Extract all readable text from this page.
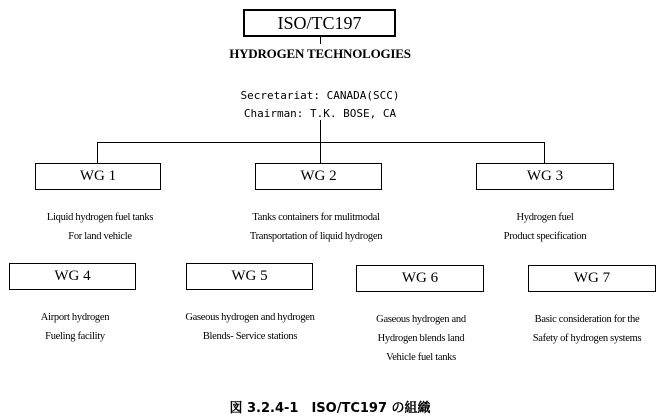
ISO/TC197
HYDROGEN TECHNOLOGIES
Secretariat: CANADA(SCC)
Chairman: T.K. BOSE, CA
WG 1	WG 2	WG 3
Liquid hydrogen fuel tanks
For land vehicle
Tanks containers for mulitmodal
Transportation of liquid hydrogen
Hydrogen fuel
Product specification
WG 4	WG 5	WG 6	WG 7
Airport hydrogen
Fueling facility
Gaseous hydrogen and hydrogen
Blends- Service stations
Gaseous hydrogen and
Hydrogen blends land
Vehicle fuel tanks
Basic consideration for the
Safety of hydrogen systems
図 3.2.4-1　ISO/TC197 の組織
